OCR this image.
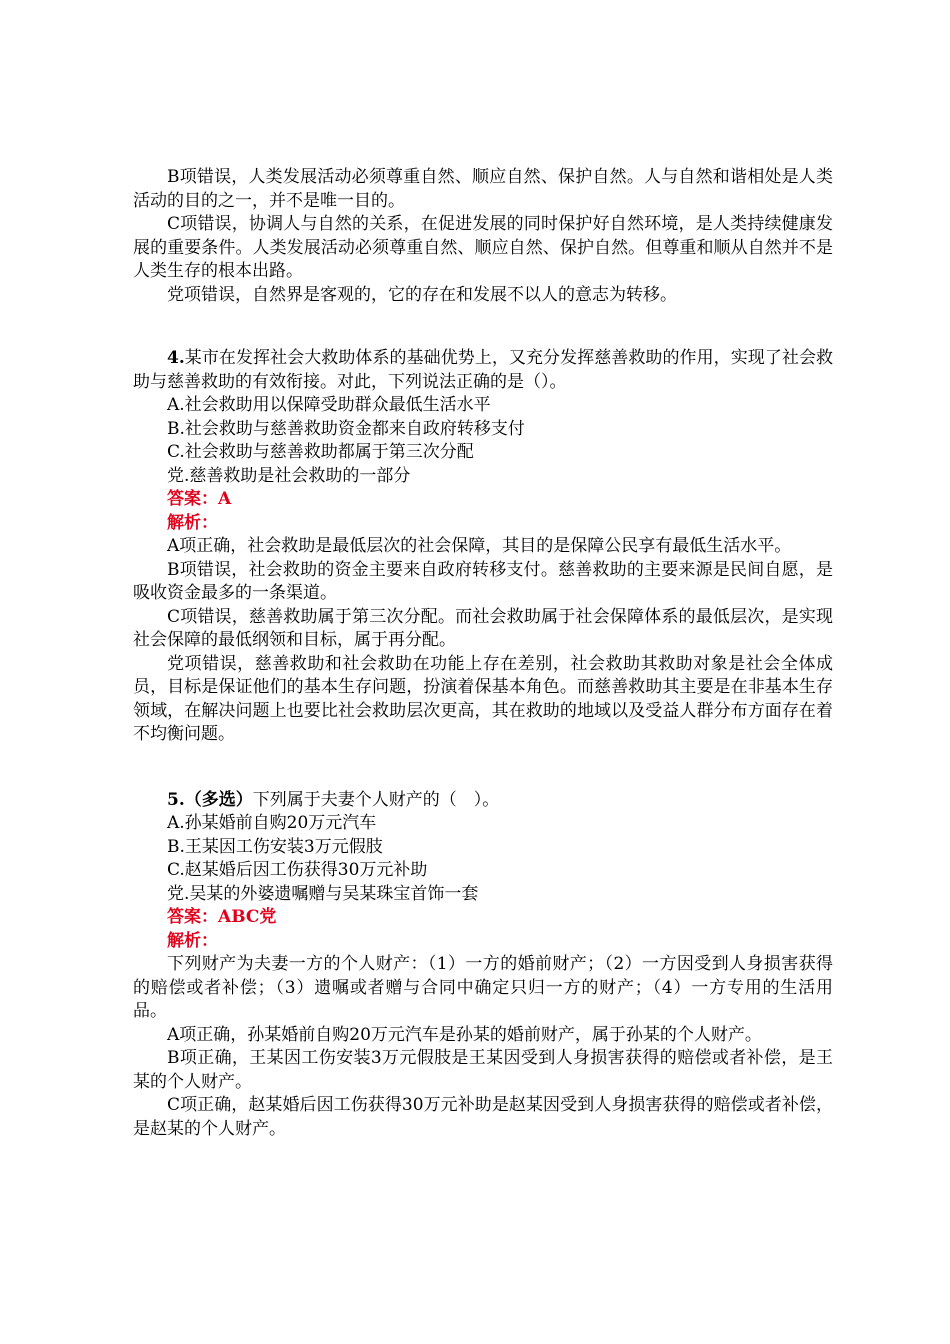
B项错误，人类发展活动必须尊重自然、顺应自然、保护自然。人与自然和谐相处是人类活动的目的之一，并不是唯一目的。

C项错误，协调人与自然的关系，在促进发展的同时保护好自然环境，是人类持续健康发展的重要条件。人类发展活动必须尊重自然、顺应自然、保护自然。但尊重和顺从自然并不是人类生存的根本出路。

党项错误，自然界是客观的，它的存在和发展不以人的意志为转移。

4.某市在发挥社会大救助体系的基础优势上，又充分发挥慈善救助的作用，实现了社会救助与慈善救助的有效衔接。对此，下列说法正确的是（）。

A.社会救助用以保障受助群众最低生活水平

B.社会救助与慈善救助资金都来自政府转移支付

C.社会救助与慈善救助都属于第三次分配

党.慈善救助是社会救助的一部分

答案：A

解析：

A项正确，社会救助是最低层次的社会保障，其目的是保障公民享有最低生活水平。

B项错误，社会救助的资金主要来自政府转移支付。慈善救助的主要来源是民间自愿，是吸收资金最多的一条渠道。

C项错误，慈善救助属于第三次分配。而社会救助属于社会保障体系的最低层次，是实现社会保障的最低纲领和目标，属于再分配。

党项错误，慈善救助和社会救助在功能上存在差别，社会救助其救助对象是社会全体成员，目标是保证他们的基本生存问题，扮演着保基本角色。而慈善救助其主要是在非基本生存领域，在解决问题上也要比社会救助层次更高，其在救助的地域以及受益人群分布方面存在着不均衡问题。

5.（多选）下列属于夫妻个人财产的（　）。

A.孙某婚前自购20万元汽车

B.王某因工伤安装3万元假肢

C.赵某婚后因工伤获得30万元补助

党.吴某的外婆遗嘱赠与吴某珠宝首饰一套

答案：ABC党

解析：

下列财产为夫妻一方的个人财产：（1）一方的婚前财产；（2）一方因受到人身损害获得的赔偿或者补偿；（3）遗嘱或者赠与合同中确定只归一方的财产；（4）一方专用的生活用品。

A项正确，孙某婚前自购20万元汽车是孙某的婚前财产，属于孙某的个人财产。

B项正确，王某因工伤安装3万元假肢是王某因受到人身损害获得的赔偿或者补偿，是王某的个人财产。

C项正确，赵某婚后因工伤获得30万元补助是赵某因受到人身损害获得的赔偿或者补偿，是赵某的个人财产。
